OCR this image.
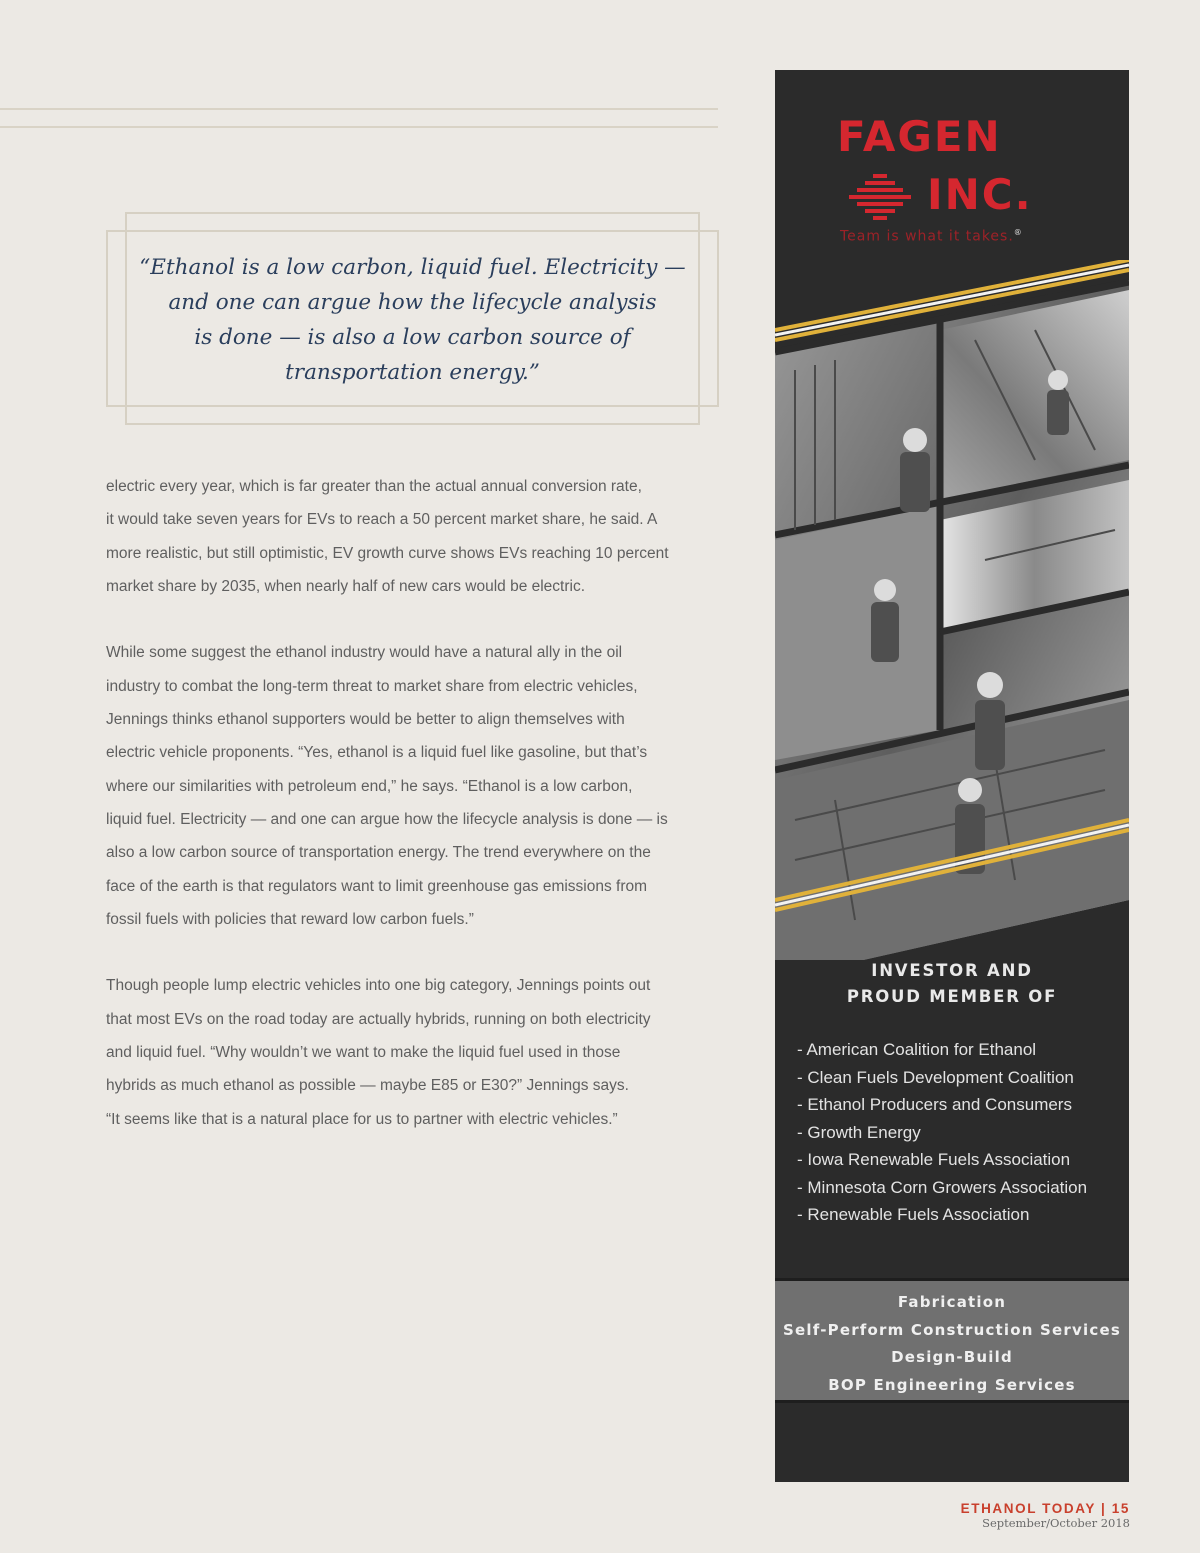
“Ethanol is a low carbon, liquid fuel. Electricity —
and one can argue how the lifecycle analysis
is done — is also a low carbon source of
transportation energy.”

electric every year, which is far greater than the actual annual conversion rate,
it would take seven years for EVs to reach a 50 percent market share, he said. A
more realistic, but still optimistic, EV growth curve shows EVs reaching 10 percent
market share by 2035, when nearly half of new cars would be electric.

While some suggest the ethanol industry would have a natural ally in the oil
industry to combat the long-term threat to market share from electric vehicles,
Jennings thinks ethanol supporters would be better to align themselves with
electric vehicle proponents. “Yes, ethanol is a liquid fuel like gasoline, but that’s
where our similarities with petroleum end,” he says. “Ethanol is a low carbon,
liquid fuel. Electricity — and one can argue how the lifecycle analysis is done — is
also a low carbon source of transportation energy. The trend everywhere on the
face of the earth is that regulators want to limit greenhouse gas emissions from
fossil fuels with policies that reward low carbon fuels.”

Though people lump electric vehicles into one big category, Jennings points out
that most EVs on the road today are actually hybrids, running on both electricity
and liquid fuel. “Why wouldn’t we want to make the liquid fuel used in those
hybrids as much ethanol as possible — maybe E85 or E30?” Jennings says.
“It seems like that is a natural place for us to partner with electric vehicles.”

FAGEN
INC.
Team is what it takes.®
INVESTOR AND
PROUD MEMBER OF
- American Coalition for Ethanol
- Clean Fuels Development Coalition
- Ethanol Producers and Consumers
- Growth Energy
- Iowa Renewable Fuels Association
- Minnesota Corn Growers Association
- Renewable Fuels Association
Fabrication
Self-Perform Construction Services
Design-Build
BOP Engineering Services
ETHANOL TODAY | 15
September/October 2018
